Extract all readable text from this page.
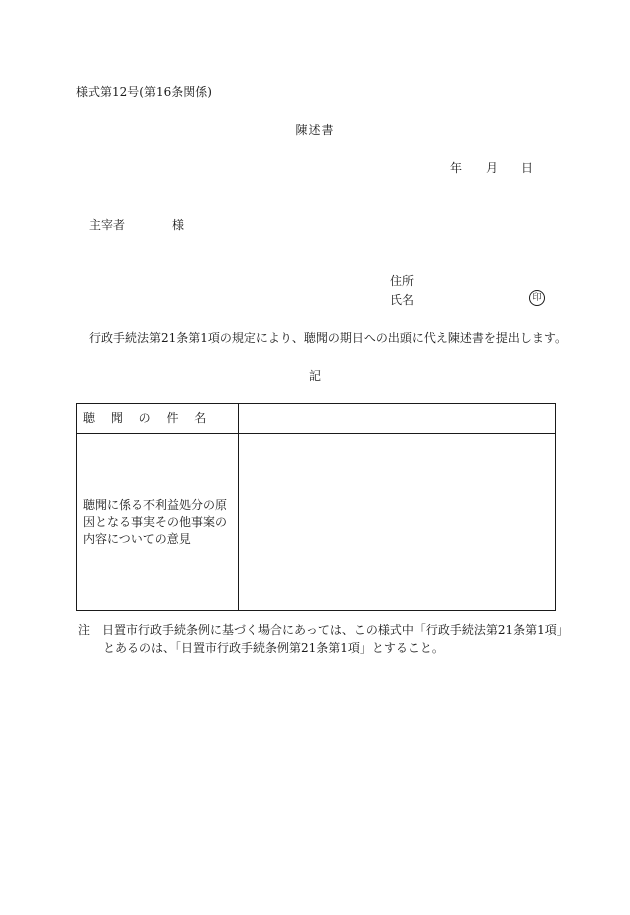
様式第12号(第16条関係)
陳述書
年 月 日
主宰者	様
住所
氏名	印
行政手続法第21条第1項の規定により、聴聞の期日への出頭に代え陳述書を提出します。
記
聴 聞 の 件 名	

聴聞に係る不利益処分の原
因となる事実その他事案の
内容についての意見	

注　日置市行政手続条例に基づく場合にあっては、この様式中「行政手続法第21条第1項」
とあるのは、「日置市行政手続条例第21条第1項」とすること。
